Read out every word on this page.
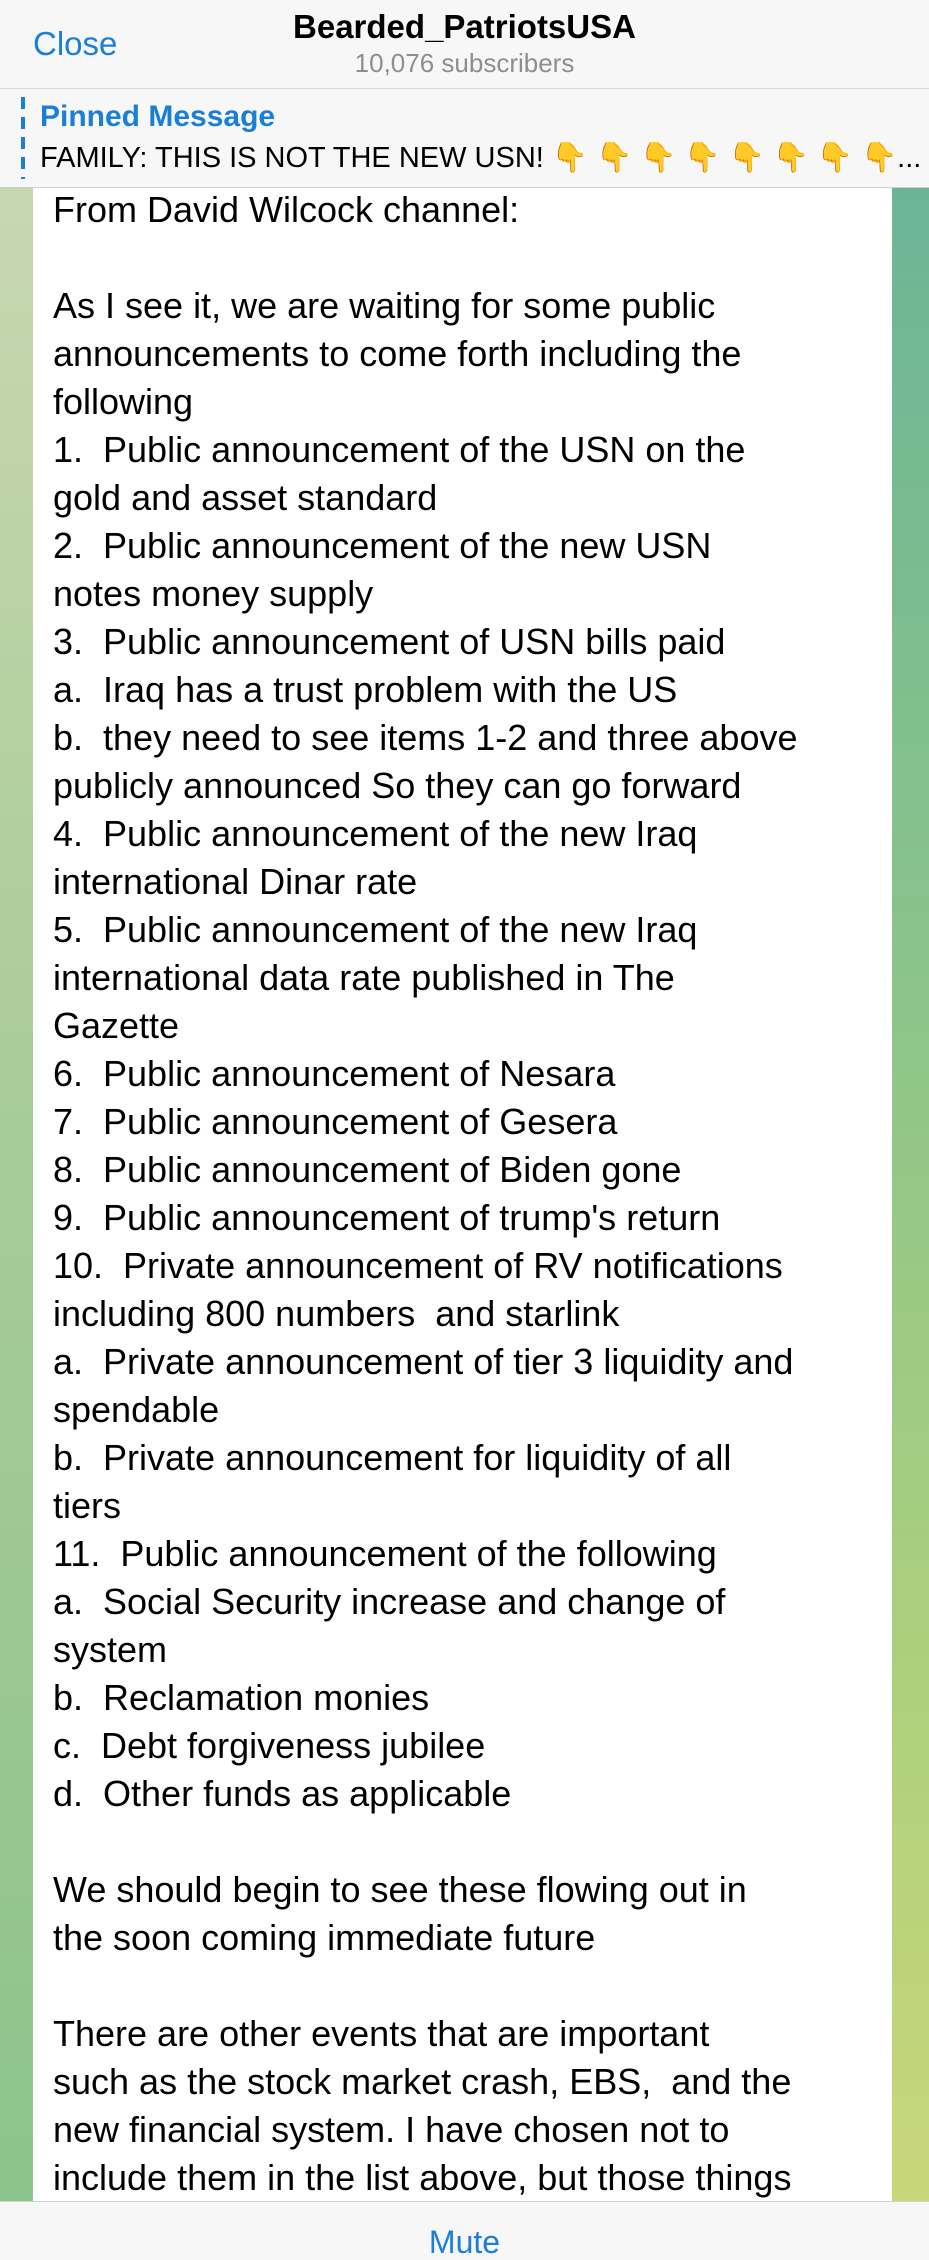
Close	Bearded_PatriotsUSA
10,076 subscribers
Pinned Message
FAMILY: THIS IS NOT THE NEW USN! 👇 👇 👇 👇 👇 👇 👇 👇...
From David Wilcock channel:

As I see it, we are waiting for some public
announcements to come forth including the
following
1.  Public announcement of the USN on the
gold and asset standard
2.  Public announcement of the new USN
notes money supply
3.  Public announcement of USN bills paid
a.  Iraq has a trust problem with the US
b.  they need to see items 1-2 and three above
publicly announced So they can go forward
4.  Public announcement of the new Iraq
international Dinar rate
5.  Public announcement of the new Iraq
international data rate published in The
Gazette
6.  Public announcement of Nesara
7.  Public announcement of Gesera
8.  Public announcement of Biden gone
9.  Public announcement of trump's return
10.  Private announcement of RV notifications
including 800 numbers  and starlink
a.  Private announcement of tier 3 liquidity and
spendable
b.  Private announcement for liquidity of all
tiers
11.  Public announcement of the following
a.  Social Security increase and change of
system
b.  Reclamation monies
c.  Debt forgiveness jubilee
d.  Other funds as applicable

We should begin to see these flowing out in
the soon coming immediate future

There are other events that are important
such as the stock market crash, EBS,  and the
new financial system. I have chosen not to
include them in the list above, but those things
Mute
